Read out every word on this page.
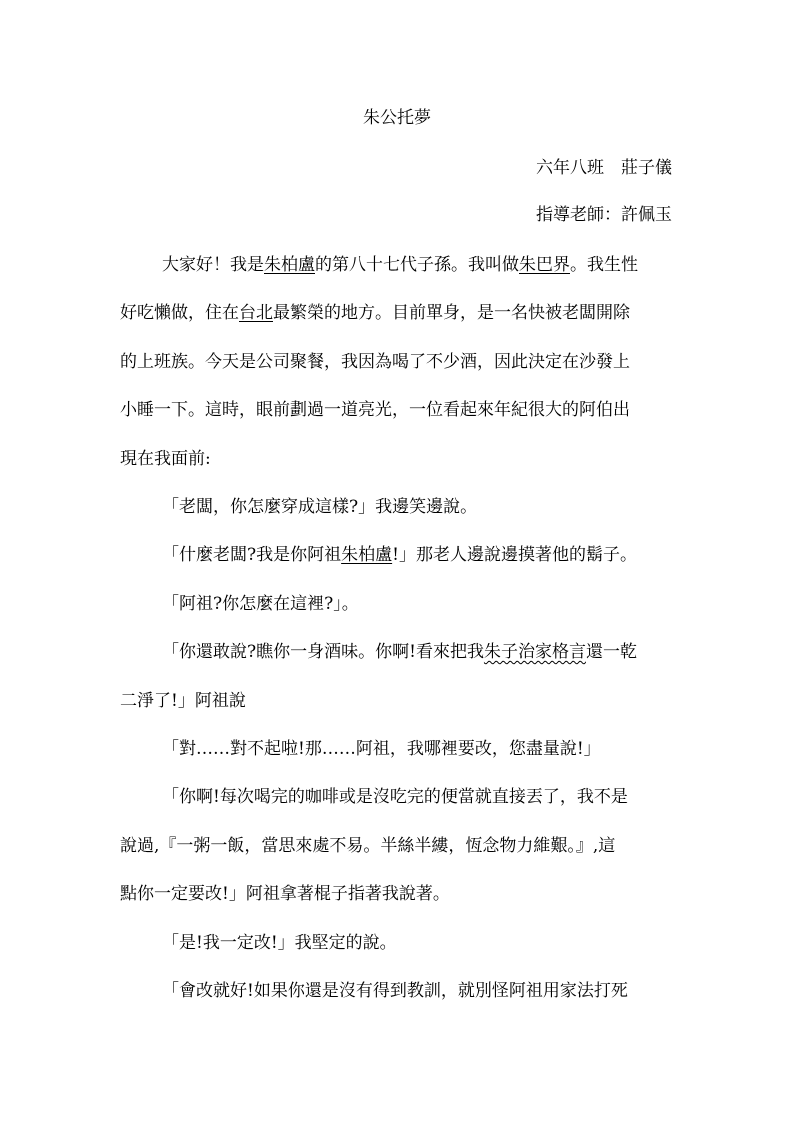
朱公托夢
六年八班　莊子儀
指導老師：許佩玉
大家好！我是朱柏盧的第八十七代子孫。我叫做朱巴界。我生性
好吃懶做，住在台北最繁榮的地方。目前單身，是一名快被老闆開除
的上班族。今天是公司聚餐，我因為喝了不少酒，因此決定在沙發上
小睡一下。這時，眼前劃過一道亮光，一位看起來年紀很大的阿伯出
現在我面前:
「老闆，你怎麼穿成這樣?」我邊笑邊說。
「什麼老闆?我是你阿祖朱柏盧!」那老人邊說邊摸著他的鬍子。
「阿祖?你怎麼在這裡?」。
「你還敢說?瞧你一身酒味。你啊!看來把我朱子治家格言還一乾
二淨了!」阿祖說
「對……對不起啦!那……阿祖，我哪裡要改，您盡量說!」
「你啊!每次喝完的咖啡或是沒吃完的便當就直接丟了，我不是
說過,『一粥一飯，當思來處不易。半絲半縷，恆念物力維艱。』,這
點你一定要改!」阿祖拿著棍子指著我說著。
「是!我一定改!」我堅定的說。
「會改就好!如果你還是沒有得到教訓，就別怪阿祖用家法打死
